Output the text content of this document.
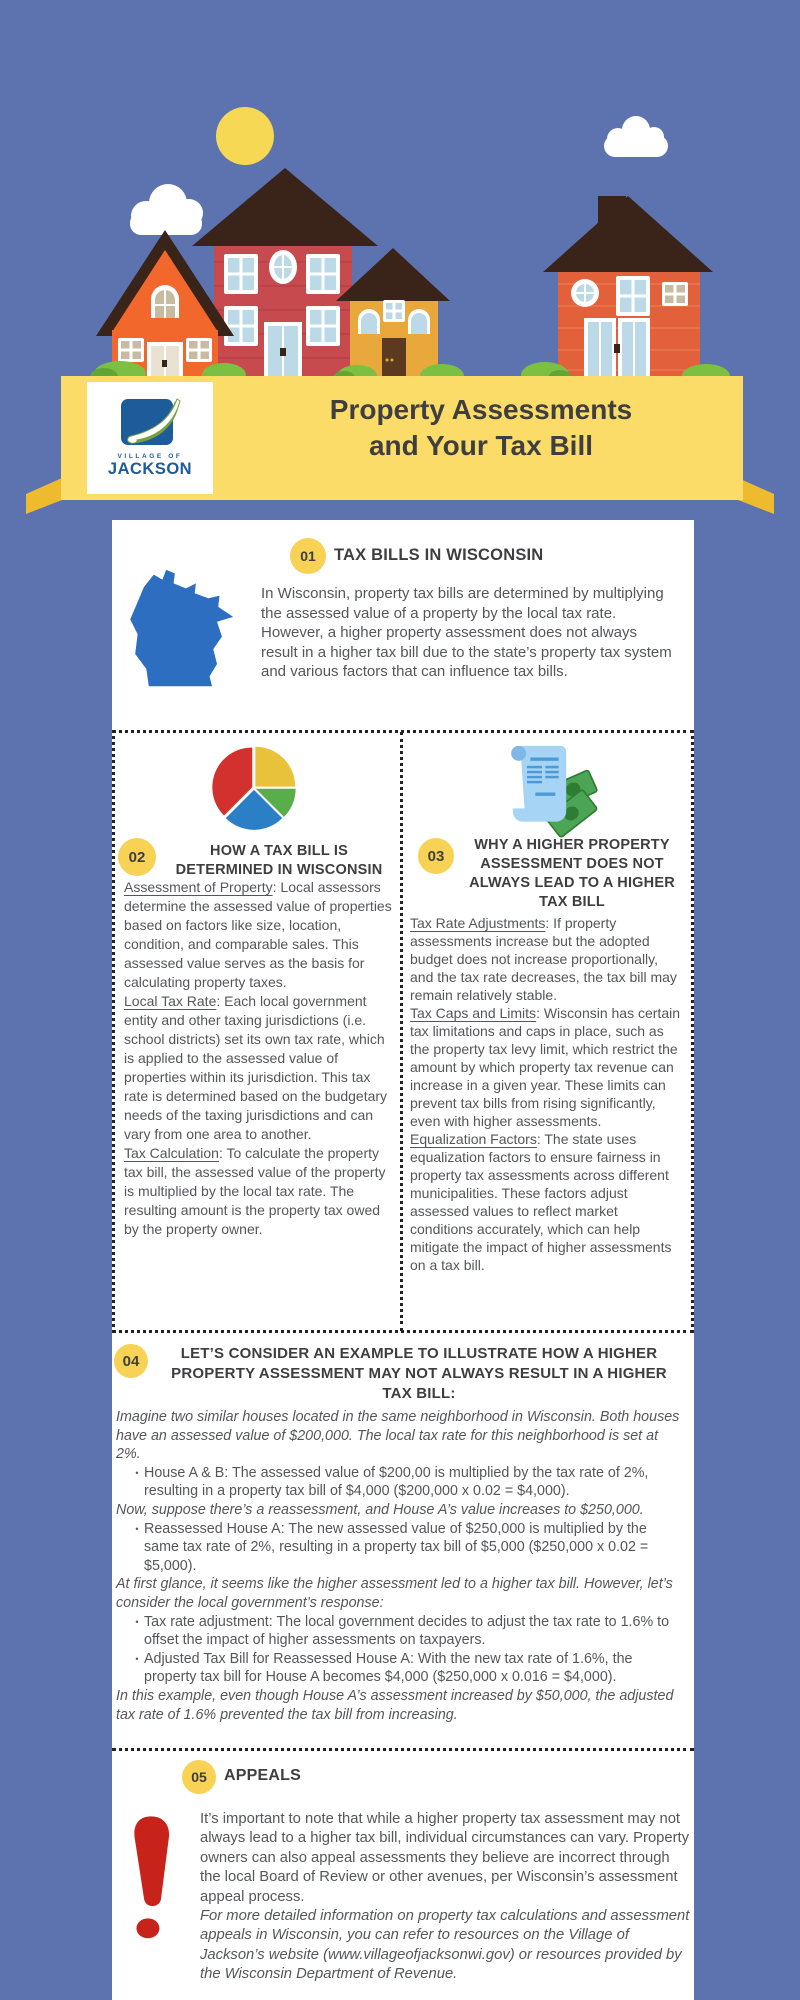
VILLAGE OF
JACKSON
Property Assessments
and Your Tax Bill
01	TAX BILLS IN WISCONSIN

In Wisconsin, property tax bills are determined by multiplying the assessed value of a property by the local tax rate. However, a higher property assessment does not always result in a higher tax bill due to the state’s property tax system and various factors that can influence tax bills.

02	HOW A TAX BILL IS DETERMINED IN WISCONSIN

Assessment of Property: Local assessors determine the assessed value of properties based on factors like size, location, condition, and comparable sales. This assessed value serves as the basis for calculating property taxes.

Local Tax Rate: Each local government entity and other taxing jurisdictions (i.e. school districts) set its own tax rate, which is applied to the assessed value of properties within its jurisdiction. This tax rate is determined based on the budgetary needs of the taxing jurisdictions and can vary from one area to another.

Tax Calculation: To calculate the property tax bill, the assessed value of the property is multiplied by the local tax rate. The resulting amount is the property tax owed by the property owner.

03
WHY A HIGHER PROPERTY ASSESSMENT DOES NOT ALWAYS LEAD TO A HIGHER TAX BILL

Tax Rate Adjustments: If property assessments increase but the adopted budget does not increase proportionally, and the tax rate decreases, the tax bill may remain relatively stable.

Tax Caps and Limits: Wisconsin has certain tax limitations and caps in place, such as the property tax levy limit, which restrict the amount by which property tax revenue can increase in a given year. These limits can prevent tax bills from rising significantly, even with higher assessments.

Equalization Factors: The state uses equalization factors to ensure fairness in property tax assessments across different municipalities. These factors adjust assessed values to reflect market conditions accurately, which can help mitigate the impact of higher assessments on a tax bill.

04	LET’S CONSIDER AN EXAMPLE TO ILLUSTRATE HOW A HIGHER PROPERTY ASSESSMENT MAY NOT ALWAYS RESULT IN A HIGHER TAX BILL:

Imagine two similar houses located in the same neighborhood in Wisconsin. Both houses have an assessed value of $200,000. The local tax rate for this neighborhood is set at 2%.

• House A & B: The assessed value of $200,00 is multiplied by the tax rate of 2%, resulting in a property tax bill of $4,000 ($200,000 x 0.02 = $4,000).

Now, suppose there’s a reassessment, and House A’s value increases to $250,000.

• Reassessed House A: The new assessed value of $250,000 is multiplied by the same tax rate of 2%, resulting in a property tax bill of $5,000 ($250,000 x 0.02 = $5,000).

At first glance, it seems like the higher assessment led to a higher tax bill. However, let’s consider the local government’s response:

• Tax rate adjustment: The local government decides to adjust the tax rate to 1.6% to offset the impact of higher assessments on taxpayers.
• Adjusted Tax Bill for Reassessed House A: With the new tax rate of 1.6%, the property tax bill for House A becomes $4,000 ($250,000 x 0.016 = $4,000).

In this example, even though House A’s assessment increased by $50,000, the adjusted tax rate of 1.6% prevented the tax bill from increasing.

05	APPEALS

It’s important to note that while a higher property tax assessment may not always lead to a higher tax bill, individual circumstances can vary. Property owners can also appeal assessments they believe are incorrect through the local Board of Review or other avenues, per Wisconsin’s assessment appeal process.

For more detailed information on property tax calculations and assessment appeals in Wisconsin, you can refer to resources on the Village of Jackson’s website (www.villageofjacksonwi.gov) or resources provided by the Wisconsin Department of Revenue.
